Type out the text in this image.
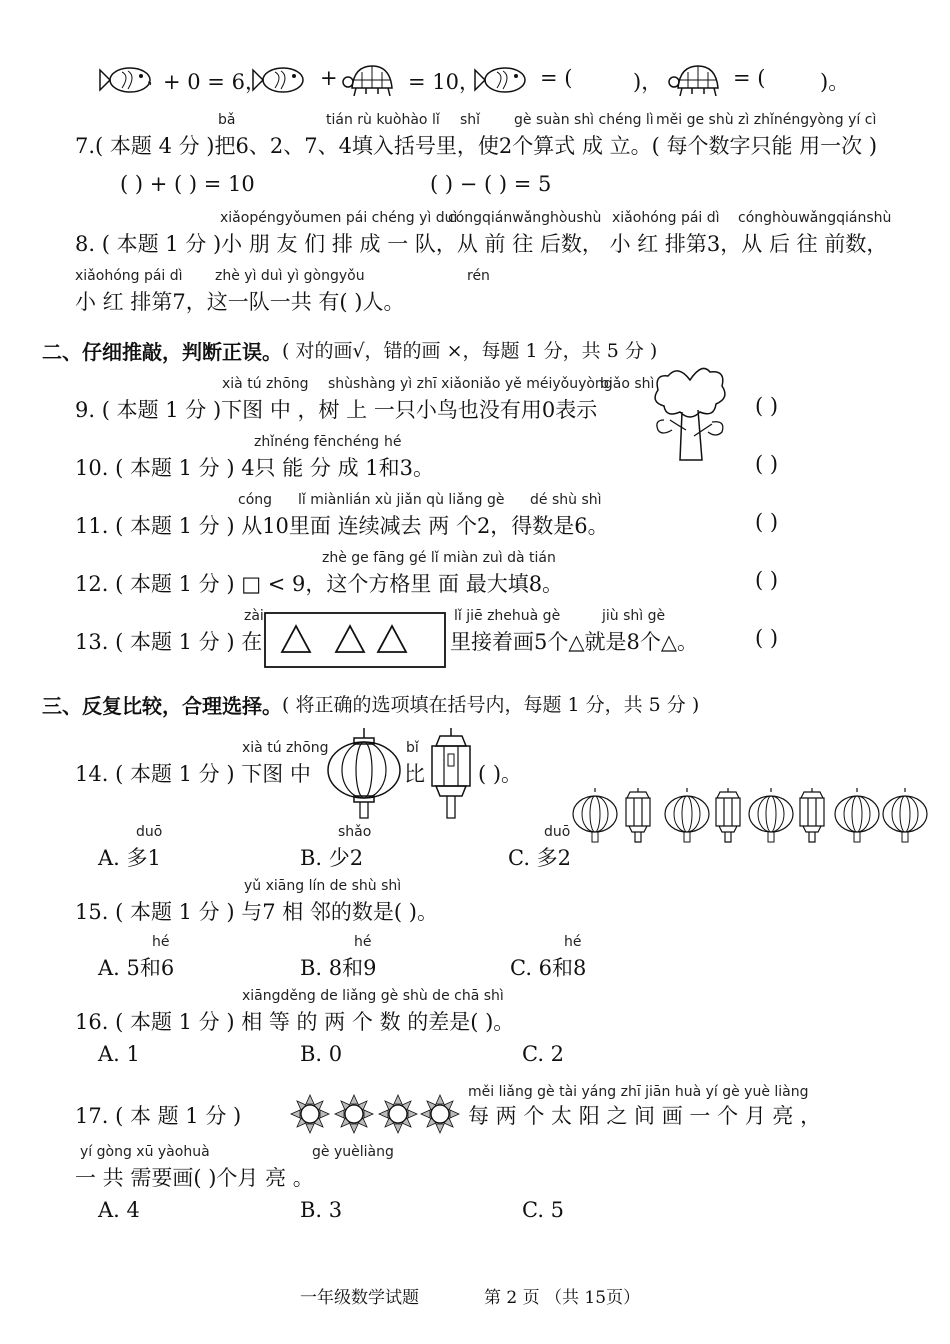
+ 0 = 6，	+	= 10，	= (	)，	= (	)。
bǎ	tián rù kuòhào lǐ shǐ gè suàn shì chéng lì měi ge shù zì zhǐnéngyòng yí cì
7.( 本题 4 分 )把6、2、7、4填入括号里，使2个算式 成 立。( 每个数字只能 用一次 )
( ) + ( ) = 10	( ) − ( ) = 5
xiǎopéngyǒumen pái chéng yì duì
cóngqiánwǎnghòushù xiǎohóng pái dì cónghòuwǎngqiánshù
8. ( 本题 1 分 )小 朋 友 们 排 成 一 队，从 前 往 后数， 小 红 排第3，从 后 往 前数，
xiǎohóng pái dì zhè yì duì yì gòngyǒu	rén
小 红 排第7，这一队一共 有( )人。
二、仔细推敲，判断正误。 ( 对的画√，错的画 ×，每题 1 分，共 5 分 )
xià tú zhōng shùshàng yì zhī xiǎoniǎo yě méiyǒuyòng
biǎo shì
9. ( 本题 1 分 )下图 中 ，树 上 一只小鸟也没有用0表示	( )
zhǐnéng fēnchéng hé
10. ( 本题 1 分 ) 4只 能 分 成 1和3。	( )
cóng lǐ miànlián xù jiǎn qù liǎng gè dé shù shì
11. ( 本题 1 分 ) 从10里面 连续减去 两 个2，得数是6。	( )
zhè ge fāng gé lǐ miàn zuì dà tián
12. ( 本题 1 分 ) □ < 9，这个方格里 面 最大填8。	( )
zài	lǐ jiē zhehuà gè	jiù shì gè
13. ( 本题 1 分 ) 在	里接着画5个△就是8个△。	( )
三、反复比较，合理选择。 ( 将正确的选项填在括号内，每题 1 分，共 5 分 )
xià tú zhōng	bǐ
14. ( 本题 1 分 ) 下图 中	比	( )。
duō	shǎo	duō
A. 多1	B. 少2	C. 多2
yǔ xiāng lín de shù shì
15. ( 本题 1 分 ) 与7 相 邻的数是( )。
hé	hé	hé
A. 5和6	B. 8和9	C. 6和8
xiāngděng de liǎng gè shù de chā shì
16. ( 本题 1 分 ) 相 等 的 两 个 数 的差是( )。
A. 1	B. 0	C. 2
měi liǎng gè tài yáng zhī jiān huà yí gè yuè liàng
17. ( 本 题 1 分 )	每 两 个 太 阳 之 间 画 一 个 月 亮 ，
yí gòng xū yàohuà	gè yuèliàng
一 共 需要画( )个月 亮 。
A. 4	B. 3	C. 5
一年级数学试题	第 2 页 （共 15页）
